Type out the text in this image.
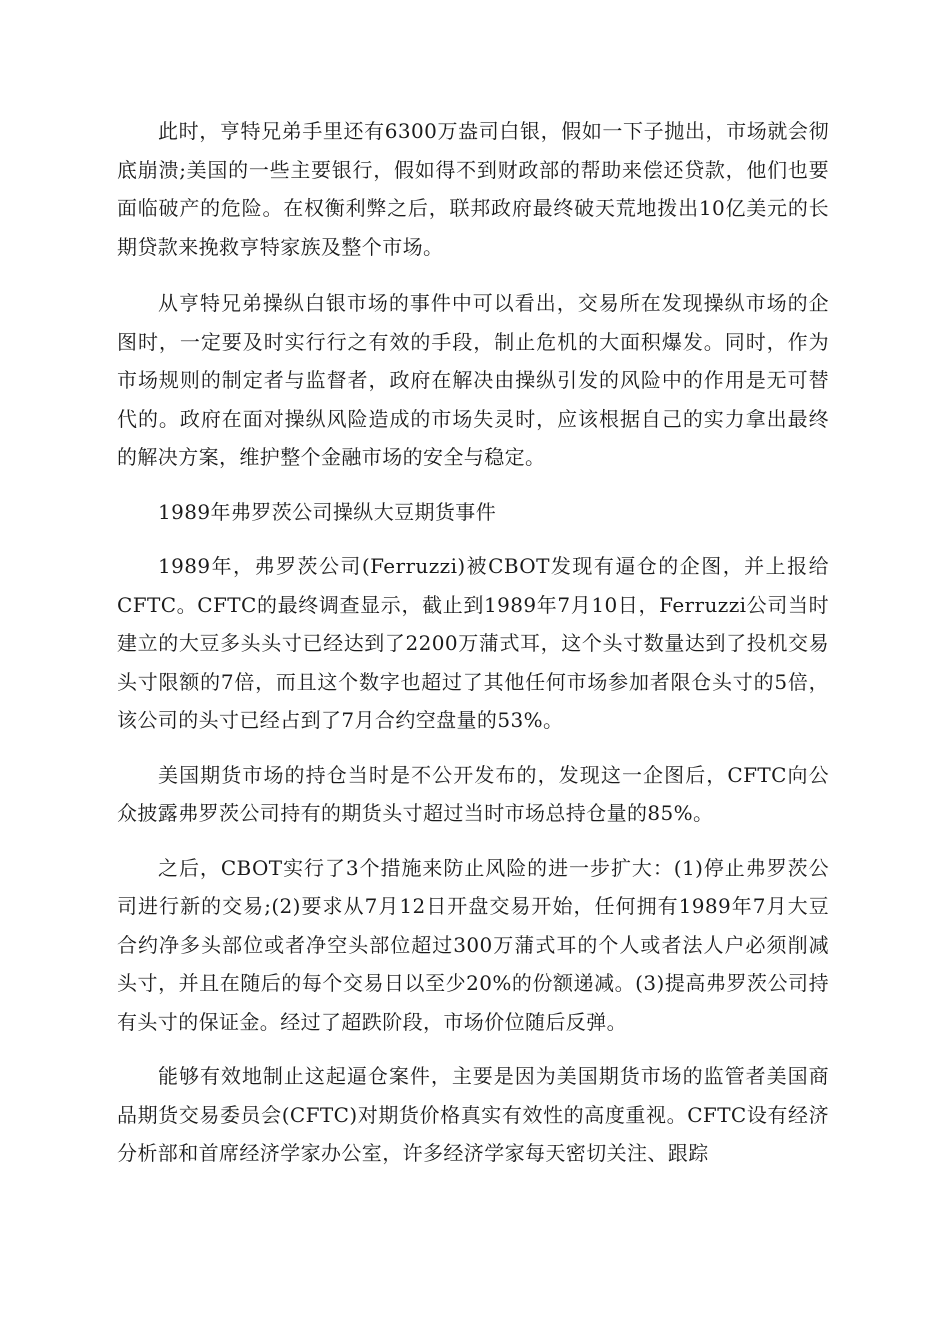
此时，亨特兄弟手里还有6300万盎司白银，假如一下子抛出，市场就会彻底崩溃;美国的一些主要银行，假如得不到财政部的帮助来偿还贷款，他们也要面临破产的危险。在权衡利弊之后，联邦政府最终破天荒地拨出10亿美元的长期贷款来挽救亨特家族及整个市场。

从亨特兄弟操纵白银市场的事件中可以看出，交易所在发现操纵市场的企图时，一定要及时实行行之有效的手段，制止危机的大面积爆发。同时，作为市场规则的制定者与监督者，政府在解决由操纵引发的风险中的作用是无可替代的。政府在面对操纵风险造成的市场失灵时，应该根据自己的实力拿出最终的解决方案，维护整个金融市场的安全与稳定。

1989年弗罗茨公司操纵大豆期货事件

1989年，弗罗茨公司(Ferruzzi)被CBOT发现有逼仓的企图，并上报给CFTC。CFTC的最终调查显示，截止到1989年7月10日，Ferruzzi公司当时建立的大豆多头头寸已经达到了2200万蒲式耳，这个头寸数量达到了投机交易头寸限额的7倍，而且这个数字也超过了其他任何市场参加者限仓头寸的5倍，该公司的头寸已经占到了7月合约空盘量的53%。

美国期货市场的持仓当时是不公开发布的，发现这一企图后，CFTC向公众披露弗罗茨公司持有的期货头寸超过当时市场总持仓量的85%。

之后，CBOT实行了3个措施来防止风险的进一步扩大：(1)停止弗罗茨公司进行新的交易;(2)要求从7月12日开盘交易开始，任何拥有1989年7月大豆合约净多头部位或者净空头部位超过300万蒲式耳的个人或者法人户必须削减头寸，并且在随后的每个交易日以至少20%的份额递减。(3)提高弗罗茨公司持有头寸的保证金。经过了超跌阶段，市场价位随后反弹。

能够有效地制止这起逼仓案件，主要是因为美国期货市场的监管者美国商品期货交易委员会(CFTC)对期货价格真实有效性的高度重视。CFTC设有经济分析部和首席经济学家办公室，许多经济学家每天密切关注、跟踪
